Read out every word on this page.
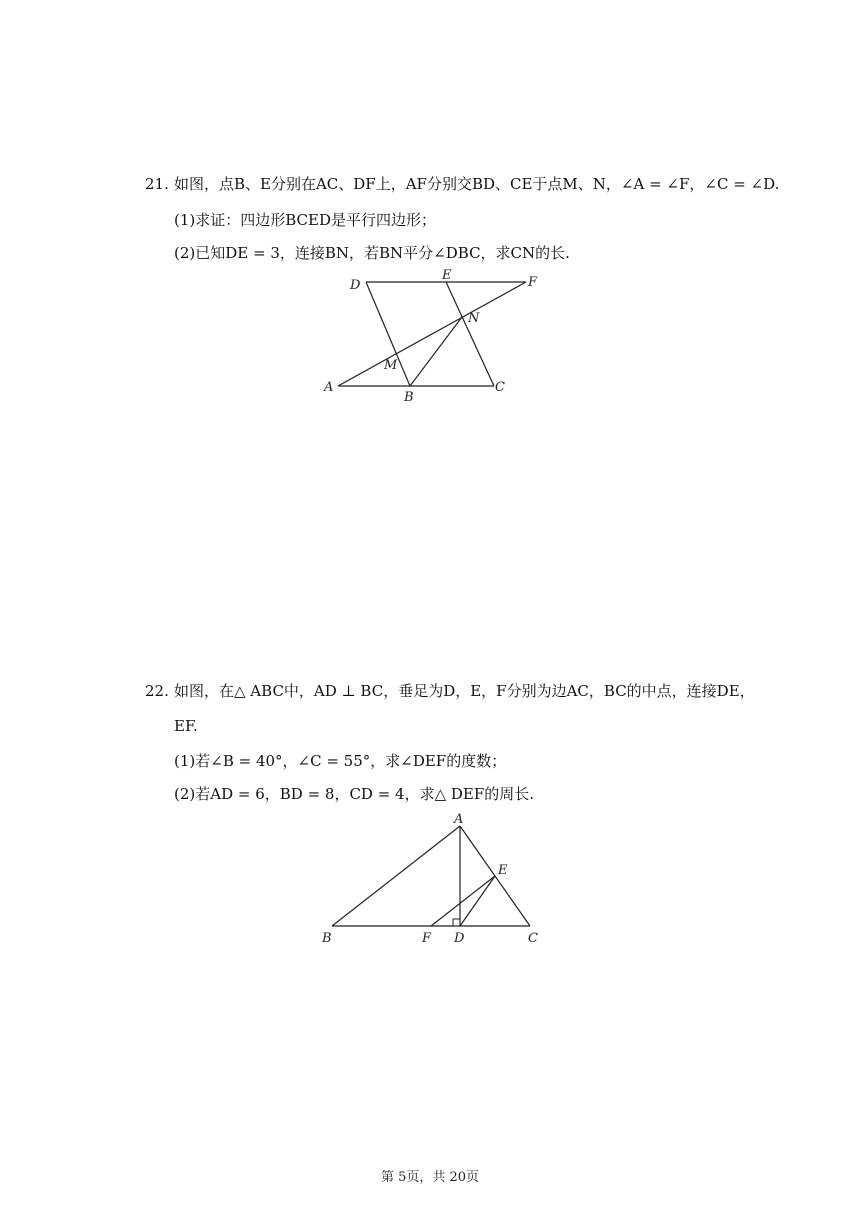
21. 如图，点B、E分别在AC、DF上，AF分别交BD、CE于点M、N，∠A = ∠F，∠C = ∠D.
(1)求证：四边形BCED是平行四边形；
(2)已知DE = 3，连接BN，若BN平分∠DBC，求CN的长.
D
E	F
N
M
A
B
C
22. 如图，在△ ABC中，AD ⊥ BC，垂足为D，E，F分别为边AC，BC的中点，连接DE，
EF.
(1)若∠B = 40°，∠C = 55°，求∠DEF的度数；
(2)若AD = 6，BD = 8，CD = 4，求△ DEF的周长.
A
E
B	F D	C
第 5页，共 20页
